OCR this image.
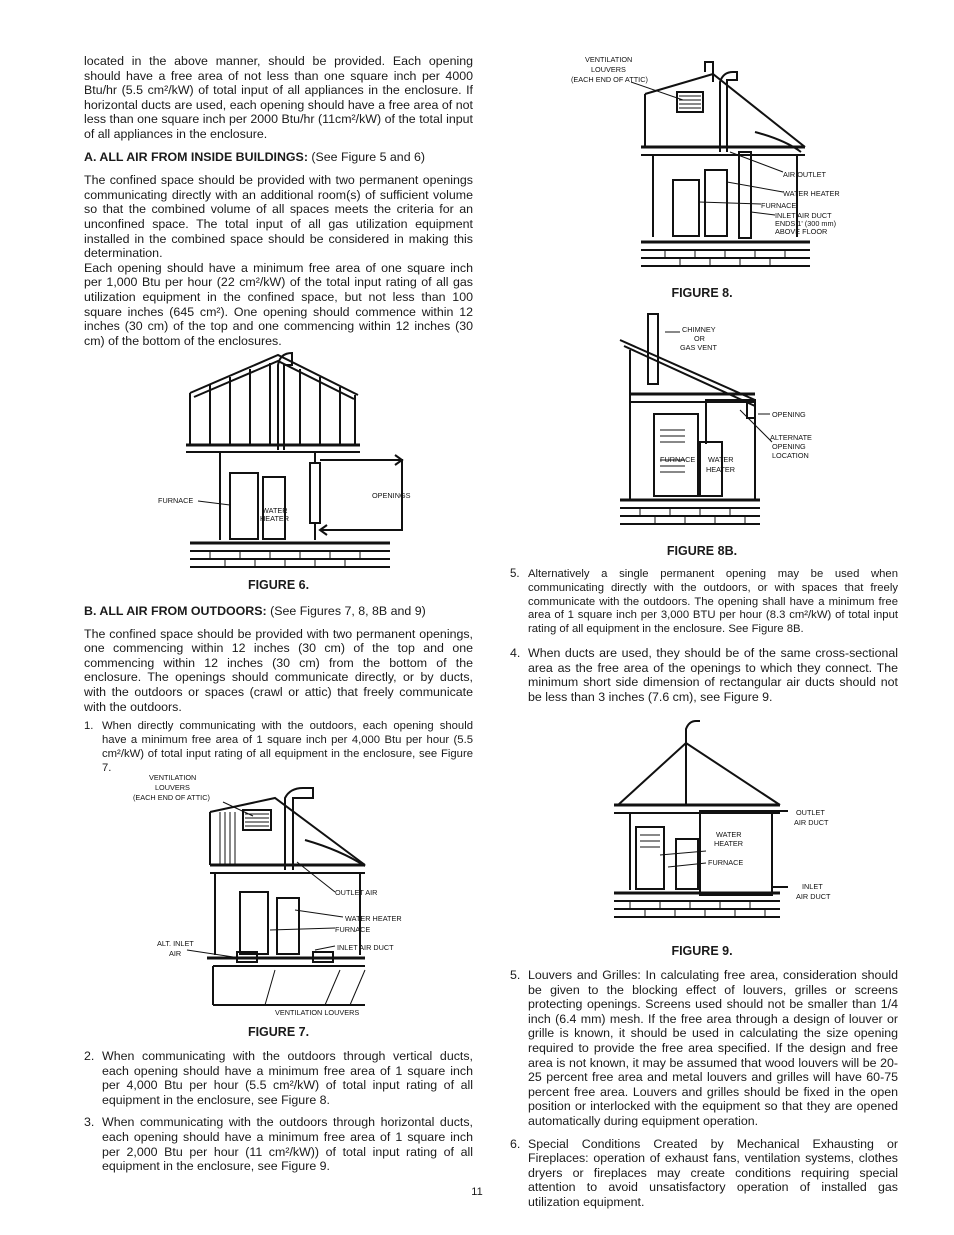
located in the above manner, should be provided. Each opening should have a free area of not less than one square inch per 4000 Btu/hr (5.5 cm²/kW) of total input of all appliances in the enclosure. If horizontal ducts are used, each opening should have a free area of not less than one square inch per 2000 Btu/hr (11cm²/kW) of the total input of all appliances in the enclosure.

A. ALL AIR FROM INSIDE BUILDINGS: (See Figure 5 and 6)

The confined space should be provided with two permanent openings communicating directly with an additional room(s) of sufficient volume so that the combined volume of all spaces meets the criteria for an unconfined space. The total input of all gas utilization equipment installed in the combined space should be considered in making this determination.

Each opening should have a minimum free area of one square inch per 1,000 Btu per hour (22 cm²/kW) of the total input rating of all gas utilization equipment in the confined space, but not less than 100 square inches (645 cm²). One opening should commence within 12 inches (30 cm) of the top and one commencing within 12 inches (30 cm) of the bottom of the enclosures.

FURNACE
WATER
HEATER
OPENINGS
FIGURE 6.

B. ALL AIR FROM OUTDOORS: (See Figures 7, 8, 8B and 9)

The confined space should be provided with two permanent openings, one commencing within 12 inches (30 cm) of the top and one commencing within 12 inches (30 cm) from the bottom of the enclosure. The openings should communicate directly, or by ducts, with the outdoors or spaces (crawl or attic) that freely communicate with the outdoors.

1. When directly communicating with the outdoors, each opening should have a minimum free area of 1 square inch per 4,000 Btu per hour (5.5 cm²/kW) of total input rating of all equipment in the enclosure, see Figure 7.

VENTILATION
LOUVERS
(EACH END OF ATTIC)
OUTLET AIR
WATER HEATER
FURNACE
ALT. INLET
AIR
INLET AIR DUCT
VENTILATION LOUVERS
FIGURE 7.
2. When communicating with the outdoors through vertical ducts, each opening should have a minimum free area of 1 square inch per 4,000 Btu per hour (5.5 cm²/kW) of total input rating of all equipment in the enclosure, see Figure 8.

3. When communicating with the outdoors through horizontal ducts, each opening should have a minimum free area of 1 square inch per 2,000 Btu per hour (11 cm²/kW)) of total input rating of all equipment in the enclosure, see Figure 9.

VENTILATION
LOUVERS
(EACH END OF ATTIC)
AIR OUTLET
WATER HEATER
FURNACE
INLET AIR DUCT
ENDS 1' (300 mm)
ABOVE FLOOR
FIGURE 8.
CHIMNEY
OR
GAS VENT
OPENING
ALTERNATE
OPENING
LOCATION
FURNACE WATER
HEATER
FIGURE 8B.
5. Alternatively a single permanent opening may be used when communicating directly with the outdoors, or with spaces that freely communicate with the outdoors. The opening shall have a minimum free area of 1 square inch per 3,000 BTU per hour (8.3 cm²/kW) of total input rating of all equipment in the enclosure. See Figure 8B.

4. When ducts are used, they should be of the same cross-sectional area as the free area of the openings to which they connect. The minimum short side dimension of rectangular air ducts should not be less than 3 inches (7.6 cm), see Figure 9.

WATER
HEATER
FURNACE
OUTLET
AIR DUCT
INLET
AIR DUCT
FIGURE 9.
5. Louvers and Grilles: In calculating free area, consideration should be given to the blocking effect of louvers, grilles or screens protecting openings. Screens used should not be smaller than 1/4 inch (6.4 mm) mesh. If the free area through a design of louver or grille is known, it should be used in calculating the size opening required to provide the free area specified. If the design and free area is not known, it may be assumed that wood louvers will be 20-25 percent free area and metal louvers and grilles will have 60-75 percent free area. Louvers and grilles should be fixed in the open position or interlocked with the equipment so that they are opened automatically during equipment operation.

6. Special Conditions Created by Mechanical Exhausting or Fireplaces: operation of exhaust fans, ventilation systems, clothes dryers or fireplaces may create conditions requiring special attention to avoid unsatisfactory operation of installed gas utilization equipment.

11
